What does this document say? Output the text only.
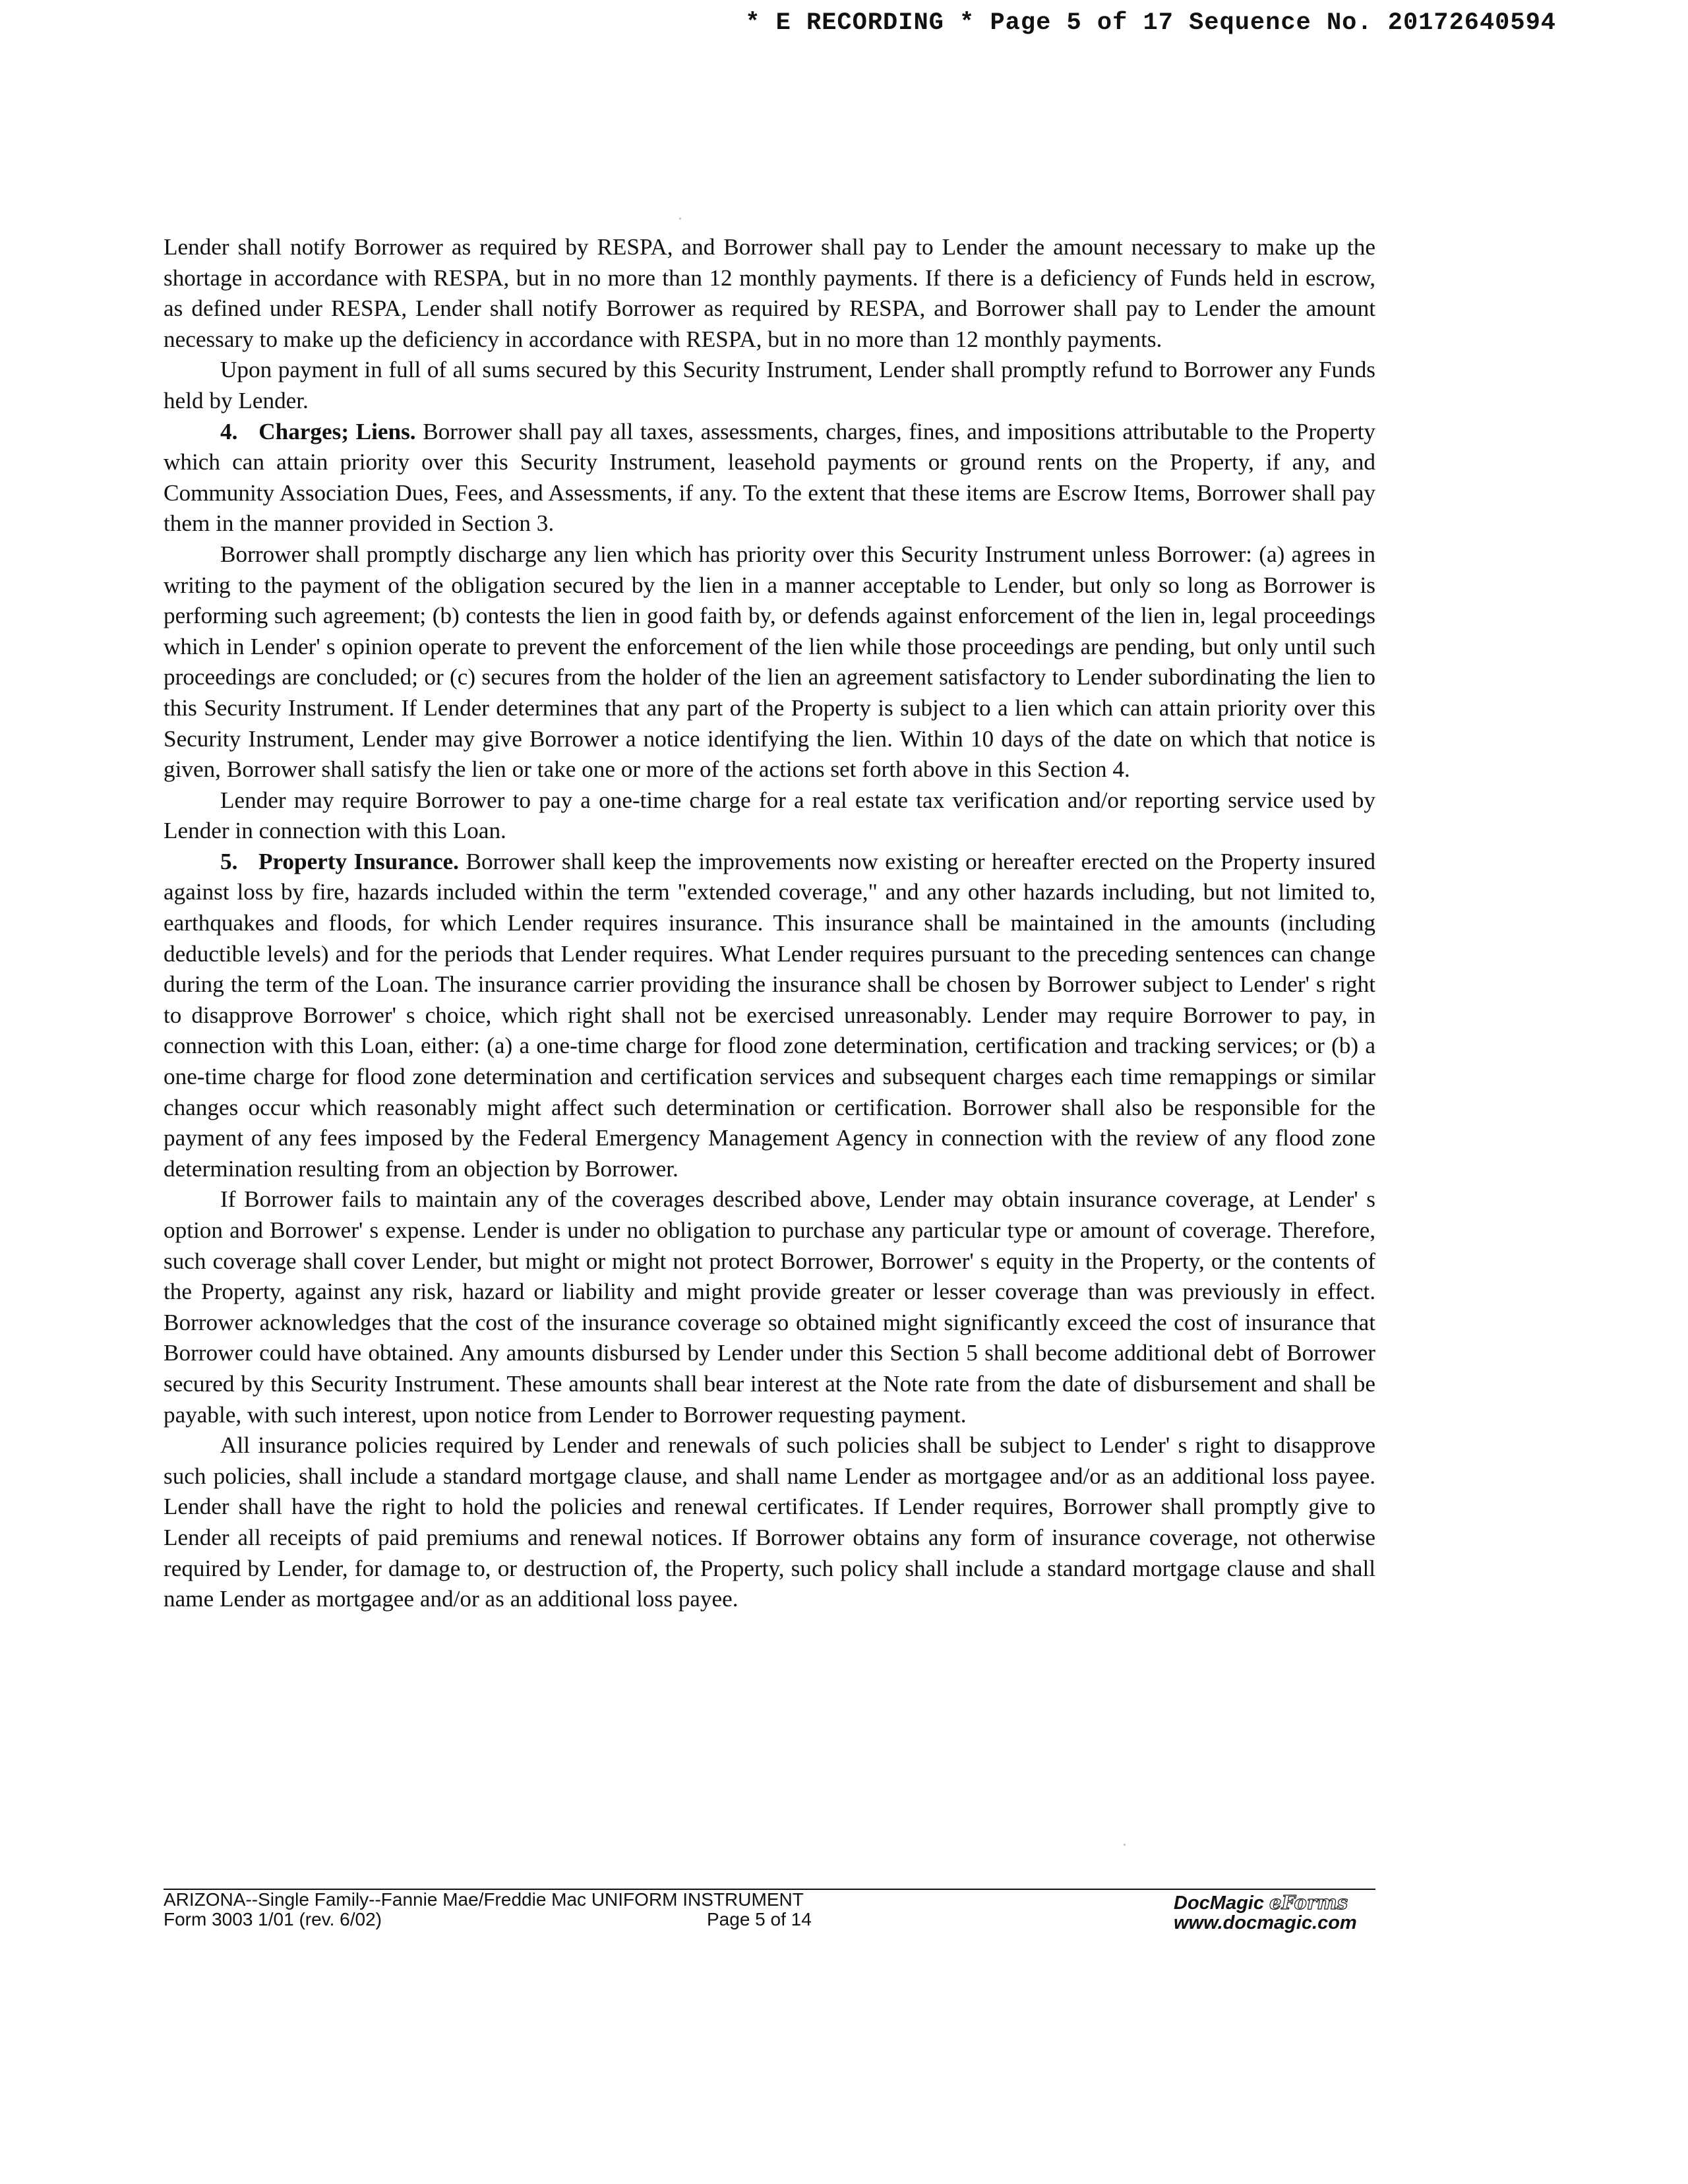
* E RECORDING * Page 5 of 17 Sequence No. 20172640594

Lender shall notify Borrower as required by RESPA, and Borrower shall pay to Lender the amount necessary to make up the shortage in accordance with RESPA, but in no more than 12 monthly payments. If there is a deficiency of Funds held in escrow, as defined under RESPA, Lender shall notify Borrower as required by RESPA, and Borrower shall pay to Lender the amount necessary to make up the deficiency in accordance with RESPA, but in no more than 12 monthly payments.

Upon payment in full of all sums secured by this Security Instrument, Lender shall promptly refund to Borrower any Funds held by Lender.

4. Charges; Liens. Borrower shall pay all taxes, assessments, charges, fines, and impositions attributable to the Property which can attain priority over this Security Instrument, leasehold payments or ground rents on the Property, if any, and Community Association Dues, Fees, and Assessments, if any. To the extent that these items are Escrow Items, Borrower shall pay them in the manner provided in Section 3.

Borrower shall promptly discharge any lien which has priority over this Security Instrument unless Borrower: (a) agrees in writing to the payment of the obligation secured by the lien in a manner acceptable to Lender, but only so long as Borrower is performing such agreement; (b) contests the lien in good faith by, or defends against enforcement of the lien in, legal proceedings which in Lender' s opinion operate to prevent the enforcement of the lien while those proceedings are pending, but only until such proceedings are concluded; or (c) secures from the holder of the lien an agreement satisfactory to Lender subordinating the lien to this Security Instrument. If Lender determines that any part of the Property is subject to a lien which can attain priority over this Security Instrument, Lender may give Borrower a notice identifying the lien. Within 10 days of the date on which that notice is given, Borrower shall satisfy the lien or take one or more of the actions set forth above in this Section 4.

Lender may require Borrower to pay a one-time charge for a real estate tax verification and/or reporting service used by Lender in connection with this Loan.

5. Property Insurance. Borrower shall keep the improvements now existing or hereafter erected on the Property insured against loss by fire, hazards included within the term "extended coverage," and any other hazards including, but not limited to, earthquakes and floods, for which Lender requires insurance. This insurance shall be maintained in the amounts (including deductible levels) and for the periods that Lender requires. What Lender requires pursuant to the preceding sentences can change during the term of the Loan. The insurance carrier providing the insurance shall be chosen by Borrower subject to Lender' s right to disapprove Borrower' s choice, which right shall not be exercised unreasonably. Lender may require Borrower to pay, in connection with this Loan, either: (a) a one-time charge for flood zone determination, certification and tracking services; or (b) a one-time charge for flood zone determination and certification services and subsequent charges each time remappings or similar changes occur which reasonably might affect such determination or certification. Borrower shall also be responsible for the payment of any fees imposed by the Federal Emergency Management Agency in connection with the review of any flood zone determination resulting from an objection by Borrower.

If Borrower fails to maintain any of the coverages described above, Lender may obtain insurance coverage, at Lender' s option and Borrower' s expense. Lender is under no obligation to purchase any particular type or amount of coverage. Therefore, such coverage shall cover Lender, but might or might not protect Borrower, Borrower' s equity in the Property, or the contents of the Property, against any risk, hazard or liability and might provide greater or lesser coverage than was previously in effect. Borrower acknowledges that the cost of the insurance coverage so obtained might significantly exceed the cost of insurance that Borrower could have obtained. Any amounts disbursed by Lender under this Section 5 shall become additional debt of Borrower secured by this Security Instrument. These amounts shall bear interest at the Note rate from the date of disbursement and shall be payable, with such interest, upon notice from Lender to Borrower requesting payment.

All insurance policies required by Lender and renewals of such policies shall be subject to Lender' s right to disapprove such policies, shall include a standard mortgage clause, and shall name Lender as mortgagee and/or as an additional loss payee. Lender shall have the right to hold the policies and renewal certificates. If Lender requires, Borrower shall promptly give to Lender all receipts of paid premiums and renewal notices. If Borrower obtains any form of insurance coverage, not otherwise required by Lender, for damage to, or destruction of, the Property, such policy shall include a standard mortgage clause and shall name Lender as mortgagee and/or as an additional loss payee.

ARIZONA--Single Family--Fannie Mae/Freddie Mac UNIFORM INSTRUMENT
Form 3003 1/01 (rev. 6/02)	Page 5 of 14
DocMagic eForms
www.docmagic.com
